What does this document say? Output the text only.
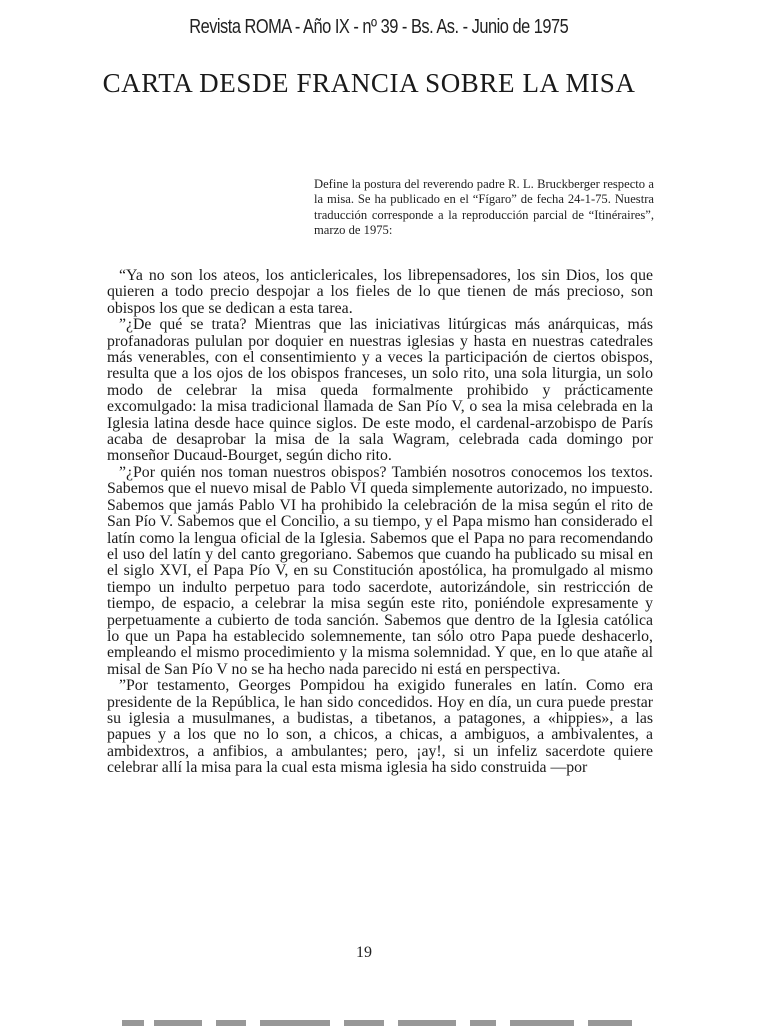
Revista ROMA - Año IX - nº 39 - Bs. As. - Junio de 1975
CARTA DESDE FRANCIA SOBRE LA MISA
Define la postura del reverendo padre R. L. Bruckberger respecto a la misa. Se ha publicado en el “Fígaro” de fecha 24-1-75. Nuestra traducción corresponde a la reproducción parcial de “Itinéraires”, marzo de 1975:

“Ya no son los ateos, los anticlericales, los librepensadores, los sin Dios, los que quieren a todo precio despojar a los fieles de lo que tienen de más precioso, son obispos los que se dedican a esta tarea.

”¿De qué se trata? Mientras que las iniciativas litúrgicas más anárquicas, más profanadoras pululan por doquier en nuestras iglesias y hasta en nuestras catedrales más venerables, con el consentimiento y a veces la participación de ciertos obispos, resulta que a los ojos de los obispos franceses, un solo rito, una sola liturgia, un solo modo de celebrar la misa queda formalmente prohibido y prácticamente excomulgado: la misa tradicional llamada de San Pío V, o sea la misa celebrada en la Iglesia latina desde hace quince siglos. De este modo, el cardenal-arzobispo de París acaba de desaprobar la misa de la sala Wagram, celebrada cada domingo por monseñor Ducaud-Bourget, según dicho rito.

”¿Por quién nos toman nuestros obispos? También nosotros conocemos los textos. Sabemos que el nuevo misal de Pablo VI queda simplemente autorizado, no impuesto. Sabemos que jamás Pablo VI ha prohibido la celebración de la misa según el rito de San Pío V. Sabemos que el Concilio, a su tiempo, y el Papa mismo han considerado el latín como la lengua oficial de la Iglesia. Sabemos que el Papa no para recomendando el uso del latín y del canto gregoriano. Sabemos que cuando ha publicado su misal en el siglo XVI, el Papa Pío V, en su Constitución apostólica, ha promulgado al mismo tiempo un indulto perpetuo para todo sacerdote, autorizándole, sin restricción de tiempo, de espacio, a celebrar la misa según este rito, poniéndole expresamente y perpetuamente a cubierto de toda sanción. Sabemos que dentro de la Iglesia católica lo que un Papa ha establecido solemnemente, tan sólo otro Papa puede deshacerlo, empleando el mismo procedimiento y la misma solemnidad. Y que, en lo que atañe al misal de San Pío V no se ha hecho nada parecido ni está en perspectiva.

”Por testamento, Georges Pompidou ha exigido funerales en latín. Como era presidente de la República, le han sido concedidos. Hoy en día, un cura puede prestar su iglesia a musulmanes, a budistas, a tibetanos, a patagones, a «hippies», a las papues y a los que no lo son, a chicos, a chicas, a ambiguos, a ambivalentes, a ambidextros, a anfibios, a ambulantes; pero, ¡ay!, si un infeliz sacerdote quiere celebrar allí la misa para la cual esta misma iglesia ha sido construida —por

19
